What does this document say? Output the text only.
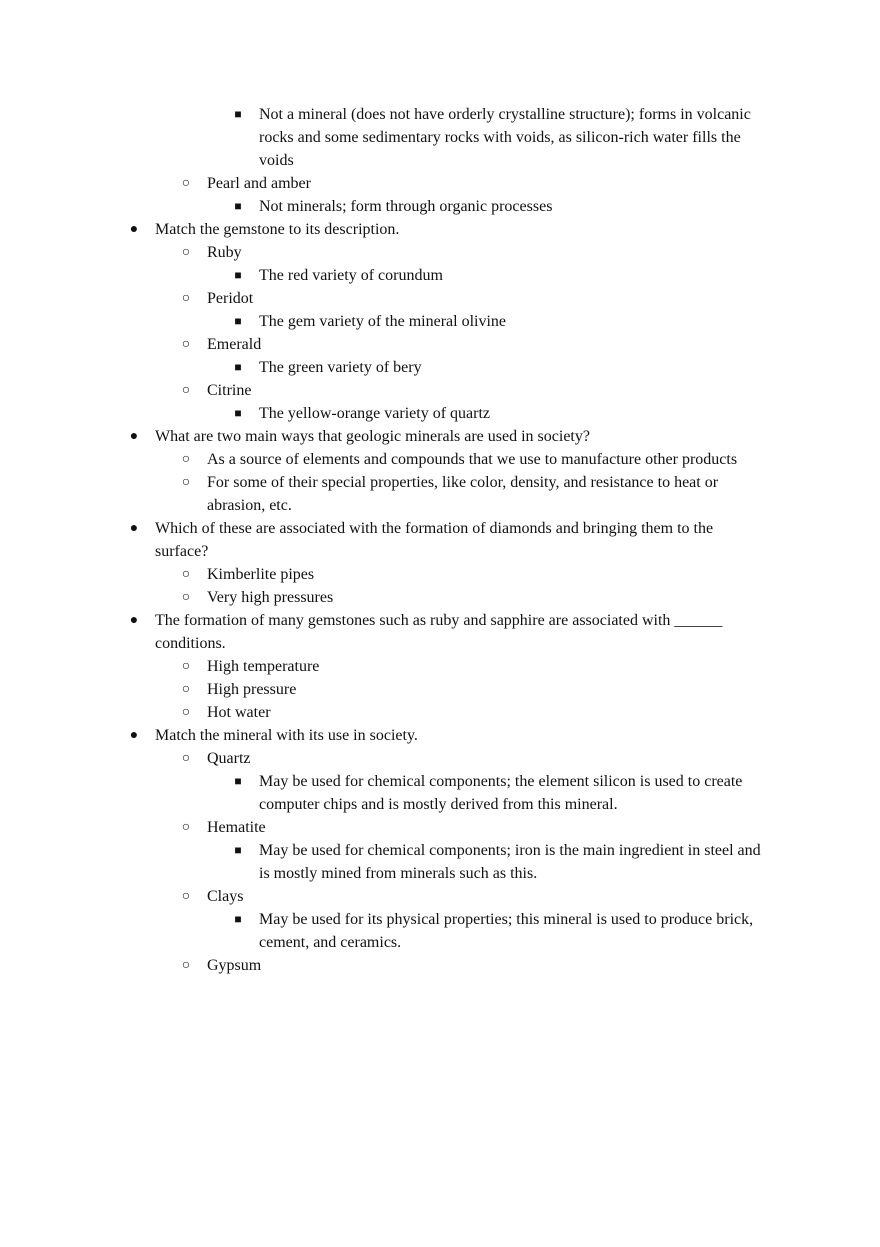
■	Not a mineral (does not have orderly crystalline structure); forms in volcanic rocks and some sedimentary rocks with voids, as silicon-rich water fills the voids
○	Pearl and amber
■	Not minerals; form through organic processes
●	Match the gemstone to its description.
○	Ruby
■	The red variety of corundum
○	Peridot
■	The gem variety of the mineral olivine
○	Emerald
■	The green variety of bery
○	Citrine
■	The yellow-orange variety of quartz
●	What are two main ways that geologic minerals are used in society?
○	As a source of elements and compounds that we use to manufacture other products
○	For some of their special properties, like color, density, and resistance to heat or abrasion, etc.
●	Which of these are associated with the formation of diamonds and bringing them to the surface?
○	Kimberlite pipes
○	Very high pressures
●	The formation of many gemstones such as ruby and sapphire are associated with ______ conditions.
○	High temperature
○	High pressure
○	Hot water
●	Match the mineral with its use in society.
○	Quartz
■	May be used for chemical components; the element silicon is used to create computer chips and is mostly derived from this mineral.
○	Hematite
■	May be used for chemical components; iron is the main ingredient in steel and is mostly mined from minerals such as this.
○	Clays
■	May be used for its physical properties; this mineral is used to produce brick, cement, and ceramics.
○	Gypsum
